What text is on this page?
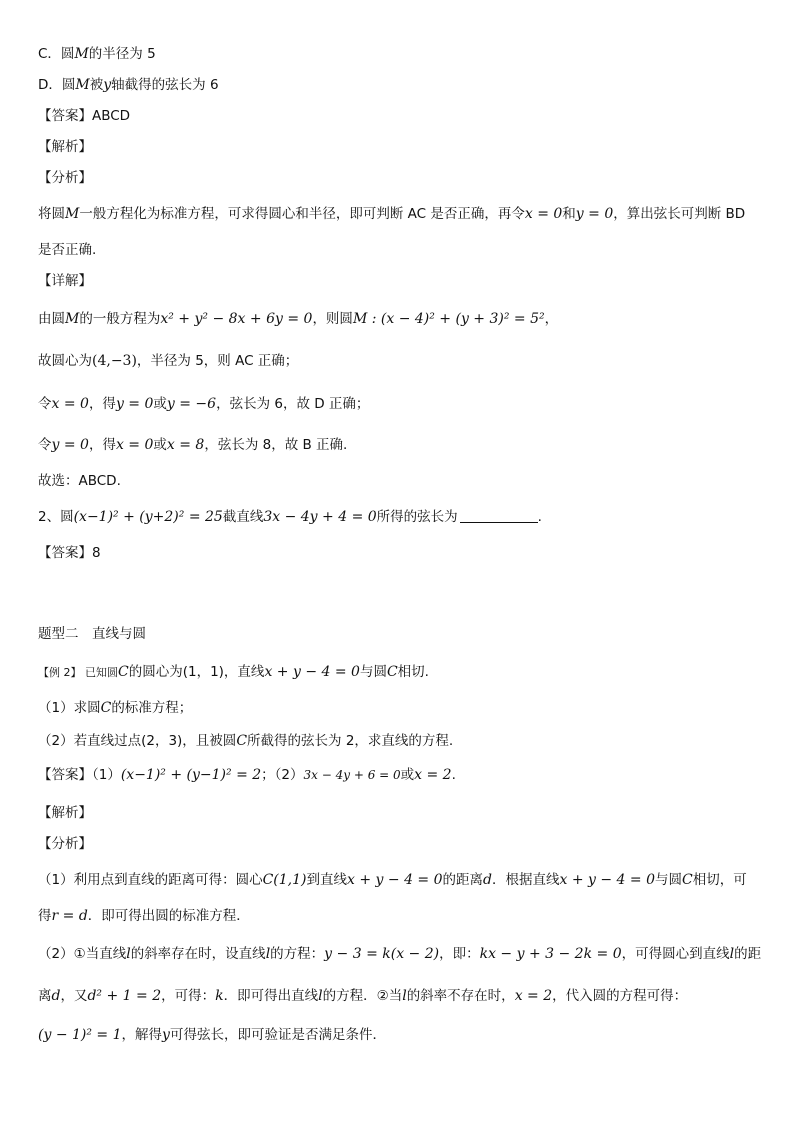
C．圆M的半径为 5
D．圆M被y轴截得的弦长为 6
【答案】ABCD
【解析】
【分析】
将圆M一般方程化为标准方程，可求得圆心和半径，即可判断 AC 是否正确，再令x = 0和y = 0，算出弦长可判断 BD
是否正确.
【详解】
由圆M的一般方程为x² + y² − 8x + 6y = 0，则圆M : (x − 4)² + (y + 3)² = 5²，
故圆心为(4,−3)，半径为 5，则 AC 正确；
令x = 0，得y = 0或y = −6，弦长为 6，故 D 正确；
令y = 0，得x = 0或x = 8，弦长为 8，故 B 正确.
故选：ABCD.
2、圆(x−1)² + (y+2)² = 25截直线3x − 4y + 4 = 0所得的弦长为	.
【答案】8
题型二　直线与圆
【例 2】 已知圆C的圆心为(1，1)，直线x + y − 4 = 0与圆C相切.
（1）求圆C的标准方程；
（2）若直线过点(2，3)，且被圆C所截得的弦长为 2，求直线的方程.
【答案】（1）(x−1)² + (y−1)² = 2；（2）3x − 4y + 6 = 0或x = 2.
【解析】
【分析】
（1）利用点到直线的距离可得：圆心C(1,1)到直线x + y − 4 = 0的距离d．根据直线x + y − 4 = 0与圆C相切，可
得r = d．即可得出圆的标准方程．
（2）①当直线l的斜率存在时，设直线l的方程：y − 3 = k(x − 2)，即：kx − y + 3 − 2k = 0，可得圆心到直线l的距
离d，又d² + 1 = 2，可得：k．即可得出直线l的方程．②当l的斜率不存在时，x = 2，代入圆的方程可得：
(y − 1)² = 1，解得y可得弦长，即可验证是否满足条件．
